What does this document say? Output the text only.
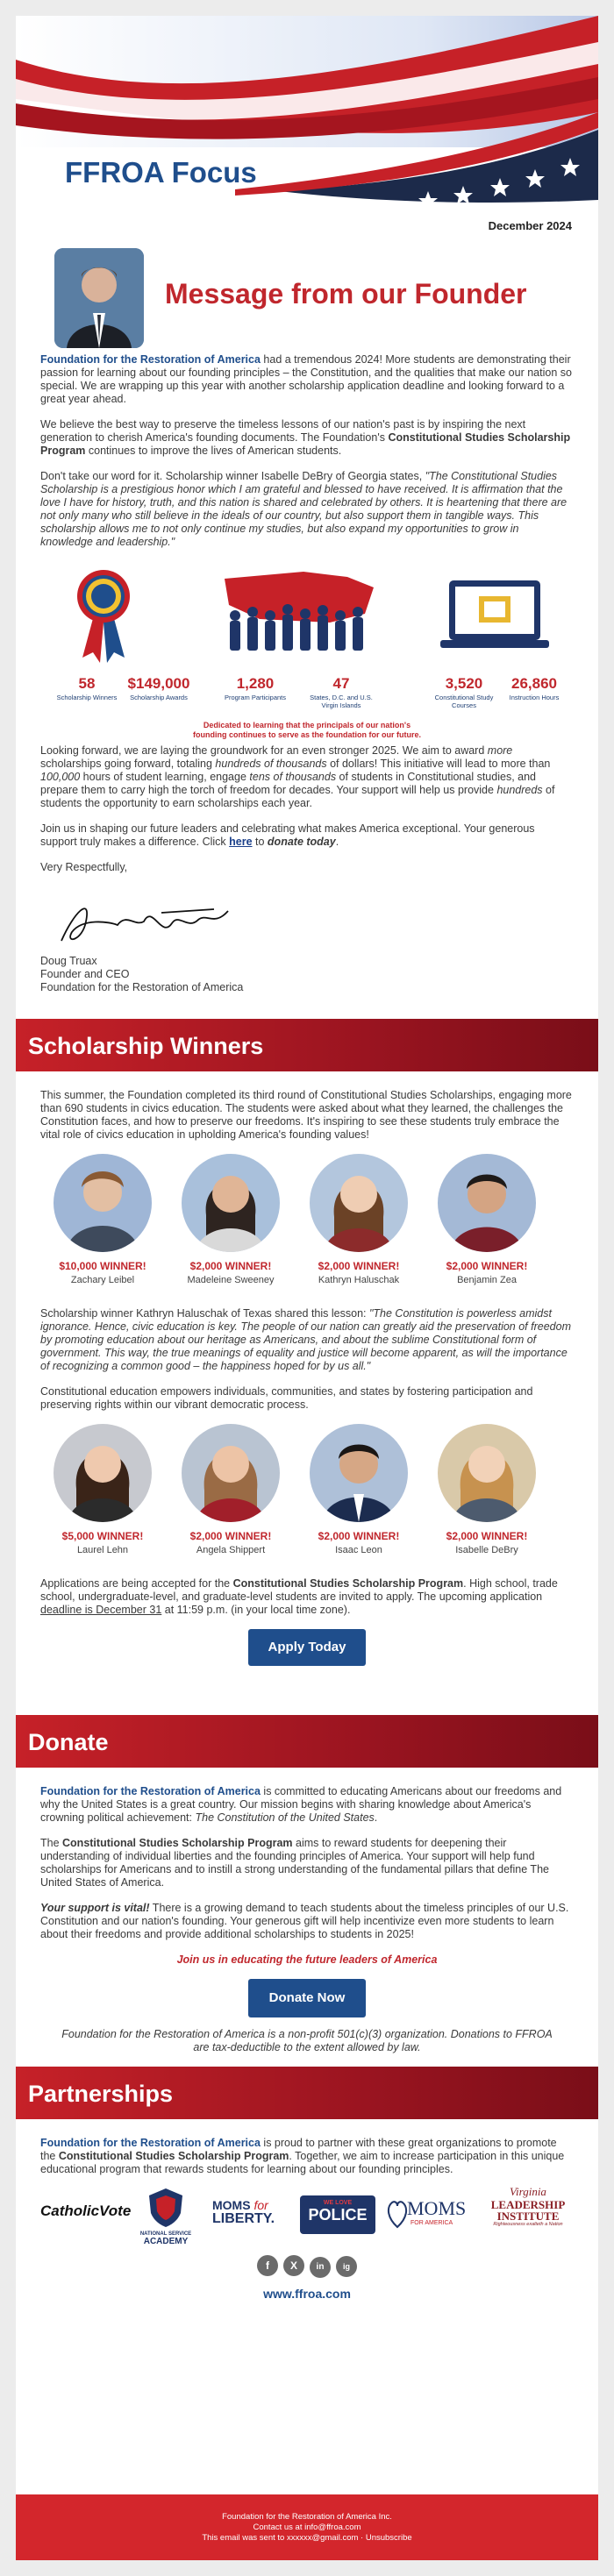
FFROA Focus
December 2024
Message from our Founder

Foundation for the Restoration of America had a tremendous 2024! More students are demonstrating their passion for learning about our founding principles – the Constitution, and the qualities that make our nation so special. We are wrapping up this year with another scholarship application deadline and looking forward to a great year ahead.

We believe the best way to preserve the timeless lessons of our nation's past is by inspiring the next generation to cherish America's founding documents. The Foundation's Constitutional Studies Scholarship Program continues to improve the lives of American students.

Don't take our word for it. Scholarship winner Isabelle DeBry of Georgia states, "The Constitutional Studies Scholarship is a prestigious honor which I am grateful and blessed to have received. It is affirmation that the love I have for history, truth, and this nation is shared and celebrated by others. It is heartening that there are not only many who still believe in the ideals of our country, but also support them in tangible ways. This scholarship allows me to not only continue my studies, but also expand my opportunities to grow in knowledge and leadership."

58
Scholarship Winners
$149,000
Scholarship Awards
1,280
Program Participants
47
States, D.C. and U.S. Virgin Islands
3,520
Constitutional Study Courses
26,860
Instruction Hours
Dedicated to learning that the principals of our nation's
founding continues to serve as the foundation for our future.

Looking forward, we are laying the groundwork for an even stronger 2025. We aim to award more scholarships going forward, totaling hundreds of thousands of dollars! This initiative will lead to more than 100,000 hours of student learning, engage tens of thousands of students in Constitutional studies, and prepare them to carry high the torch of freedom for decades. Your support will help us provide hundreds of students the opportunity to earn scholarships each year.

Join us in shaping our future leaders and celebrating what makes America exceptional. Your generous support truly makes a difference. Click here to donate today.

Very Respectfully,

Doug Truax
Founder and CEO
Foundation for the Restoration of America
Scholarship Winners

This summer, the Foundation completed its third round of Constitutional Studies Scholarships, engaging more than 690 students in civics education. The students were asked about what they learned, the challenges the Constitution faces, and how to preserve our freedoms. It's inspiring to see these students truly embrace the vital role of civics education in upholding America's founding values!

$10,000 WINNER!
Zachary Leibel
$2,000 WINNER!
Madeleine Sweeney
$2,000 WINNER!
Kathryn Haluschak
$2,000 WINNER!
Benjamin Zea

Scholarship winner Kathryn Haluschak of Texas shared this lesson: "The Constitution is powerless amidst ignorance. Hence, civic education is key. The people of our nation can greatly aid the preservation of freedom by promoting education about our heritage as Americans, and about the sublime Constitutional form of government. This way, the true meanings of equality and justice will become apparent, as will the importance of recognizing a common good – the happiness hoped for by us all."

Constitutional education empowers individuals, communities, and states by fostering participation and preserving rights within our vibrant democratic process.

$5,000 WINNER!
Laurel Lehn
$2,000 WINNER!
Angela Shippert
$2,000 WINNER!
Isaac Leon
$2,000 WINNER!
Isabelle DeBry

Applications are being accepted for the Constitutional Studies Scholarship Program. High school, trade school, undergraduate-level, and graduate-level students are invited to apply. The upcoming application deadline is December 31 at 11:59 p.m. (in your local time zone).

Apply Today
Donate

Foundation for the Restoration of America is committed to educating Americans about our freedoms and why the United States is a great country. Our mission begins with sharing knowledge about America's crowning political achievement: The Constitution of the United States.

The Constitutional Studies Scholarship Program aims to reward students for deepening their understanding of individual liberties and the founding principles of America. Your support will help fund scholarships for Americans and to instill a strong understanding of the fundamental pillars that define The United States of America.

Your support is vital! There is a growing demand to teach students about the timeless principles of our U.S. Constitution and our nation's founding. Your generous gift will help incentivize even more students to learn about their freedoms and provide additional scholarships to students in 2025!

Join us in educating the future leaders of America

Donate Now

Foundation for the Restoration of America is a non-profit 501(c)(3) organization. Donations to FFROA are tax-deductible to the extent allowed by law.

Partnerships

Foundation for the Restoration of America is proud to partner with these great organizations to promote the Constitutional Studies Scholarship Program. Together, we aim to increase participation in this unique educational program that rewards students for learning about our founding principles.

CatholicVote
NATIONAL SERVICE
ACADEMY
MOMS for
LIBERTY.
WE LOVE
POLICE	MOMS
FOR AMERICA
Virginia
LEADERSHIP
INSTITUTE
Righteousness exalteth a Nation
f X in ig
www.ffroa.com
Foundation for the Restoration of America Inc.
Contact us at info@ffroa.com
This email was sent to xxxxxx@gmail.com · Unsubscribe
